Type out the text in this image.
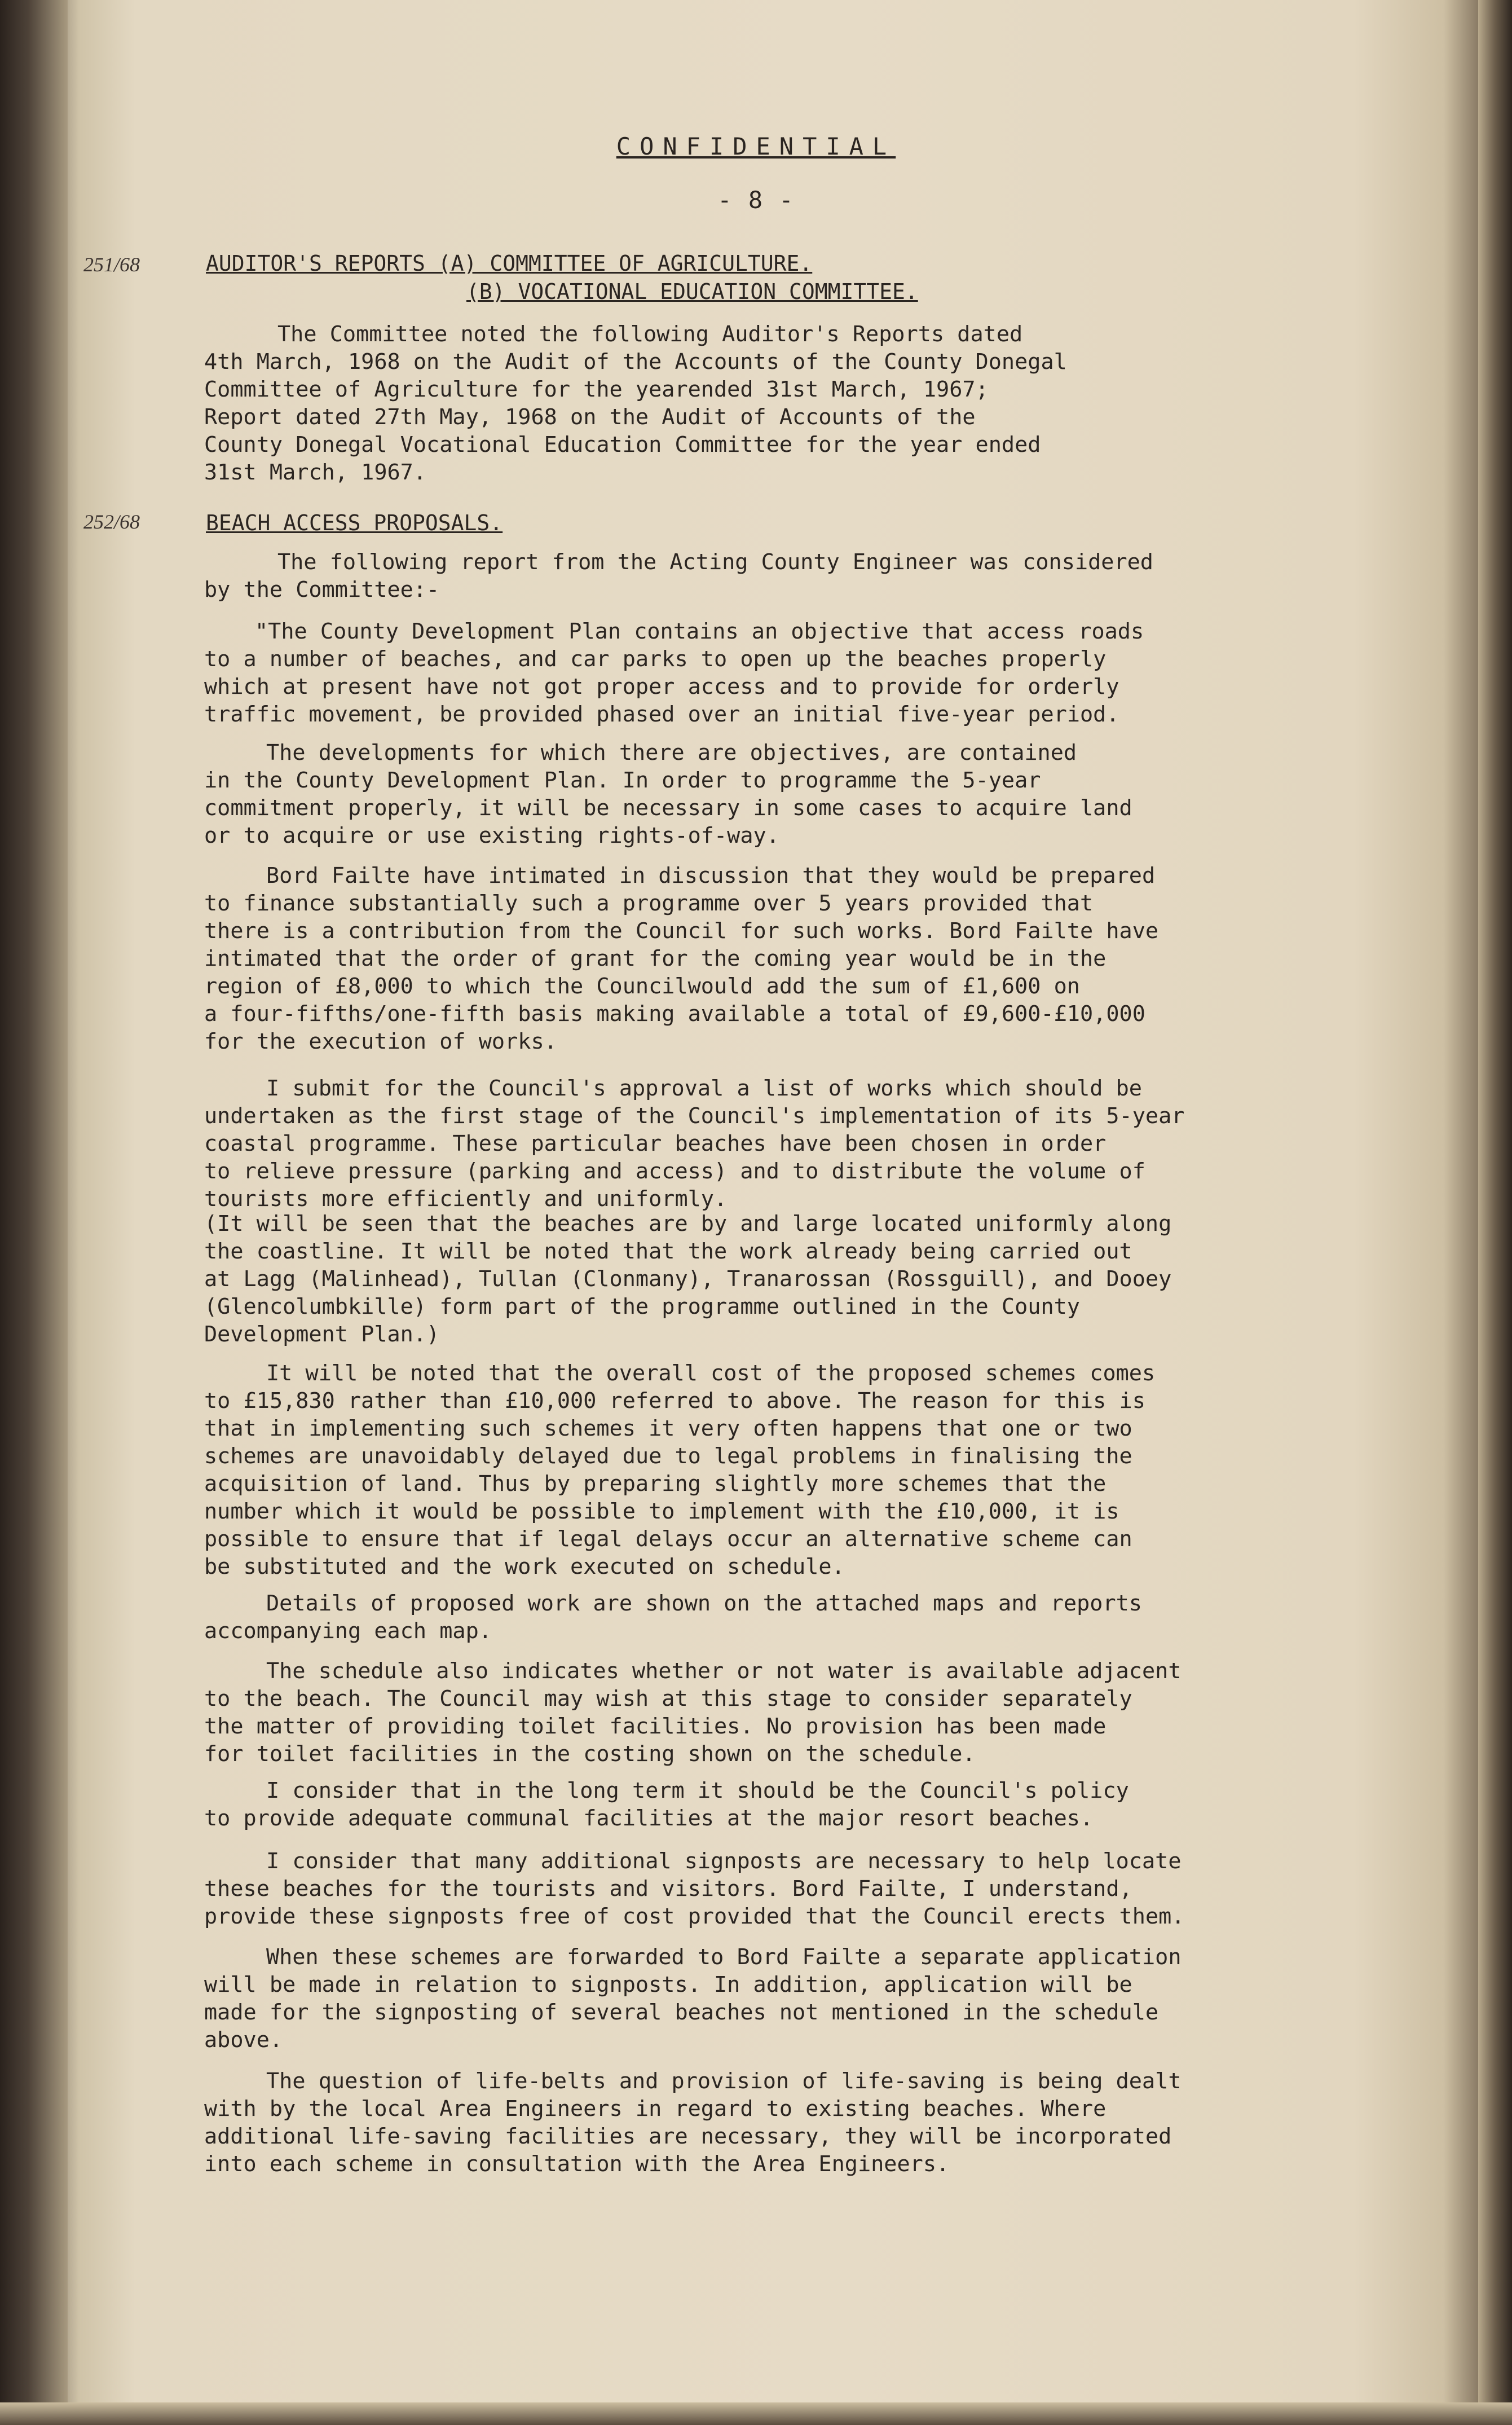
CONFIDENTIAL
- 8 -
251/68	AUDITOR'S REPORTS (A) COMMITTEE OF AGRICULTURE.
(B) VOCATIONAL EDUCATION COMMITTEE.
The Committee noted the following Auditor's Reports dated
4th March, 1968 on the Audit of the Accounts of the County Donegal
Committee of Agriculture for the yearended 31st March, 1967;
Report dated 27th May, 1968 on the Audit of Accounts of the
County Donegal Vocational Education Committee for the year ended
31st March, 1967.
252/68	BEACH ACCESS PROPOSALS.
The following report from the Acting County Engineer was considered
by the Committee:-
"The County Development Plan contains an objective that access roads
to a number of beaches, and car parks to open up the beaches properly
which at present have not got proper access and to provide for orderly
traffic movement, be provided phased over an initial five-year period.
The developments for which there are objectives, are contained
in the County Development Plan. In order to programme the 5-year
commitment properly, it will be necessary in some cases to acquire land
or to acquire or use existing rights-of-way.
Bord Failte have intimated in discussion that they would be prepared
to finance substantially such a programme over 5 years provided that
there is a contribution from the Council for such works. Bord Failte have
intimated that the order of grant for the coming year would be in the
region of £8,000 to which the Councilwould add the sum of £1,600 on
a four-fifths/one-fifth basis making available a total of £9,600-£10,000
for the execution of works.
I submit for the Council's approval a list of works which should be
undertaken as the first stage of the Council's implementation of its 5-year
coastal programme. These particular beaches have been chosen in order
to relieve pressure (parking and access) and to distribute the volume of
tourists more efficiently and uniformly.
(It will be seen that the beaches are by and large located uniformly along
the coastline. It will be noted that the work already being carried out
at Lagg (Malinhead), Tullan (Clonmany), Tranarossan (Rossguill), and Dooey
(Glencolumbkille) form part of the programme outlined in the County
Development Plan.)
It will be noted that the overall cost of the proposed schemes comes
to £15,830 rather than £10,000 referred to above. The reason for this is
that in implementing such schemes it very often happens that one or two
schemes are unavoidably delayed due to legal problems in finalising the
acquisition of land. Thus by preparing slightly more schemes that the
number which it would be possible to implement with the £10,000, it is
possible to ensure that if legal delays occur an alternative scheme can
be substituted and the work executed on schedule.
Details of proposed work are shown on the attached maps and reports
accompanying each map.
The schedule also indicates whether or not water is available adjacent
to the beach. The Council may wish at this stage to consider separately
the matter of providing toilet facilities. No provision has been made
for toilet facilities in the costing shown on the schedule.
I consider that in the long term it should be the Council's policy
to provide adequate communal facilities at the major resort beaches.
I consider that many additional signposts are necessary to help locate
these beaches for the tourists and visitors. Bord Failte, I understand,
provide these signposts free of cost provided that the Council erects them.
When these schemes are forwarded to Bord Failte a separate application
will be made in relation to signposts. In addition, application will be
made for the signposting of several beaches not mentioned in the schedule
above.
The question of life-belts and provision of life-saving is being dealt
with by the local Area Engineers in regard to existing beaches. Where
additional life-saving facilities are necessary, they will be incorporated
into each scheme in consultation with the Area Engineers.
